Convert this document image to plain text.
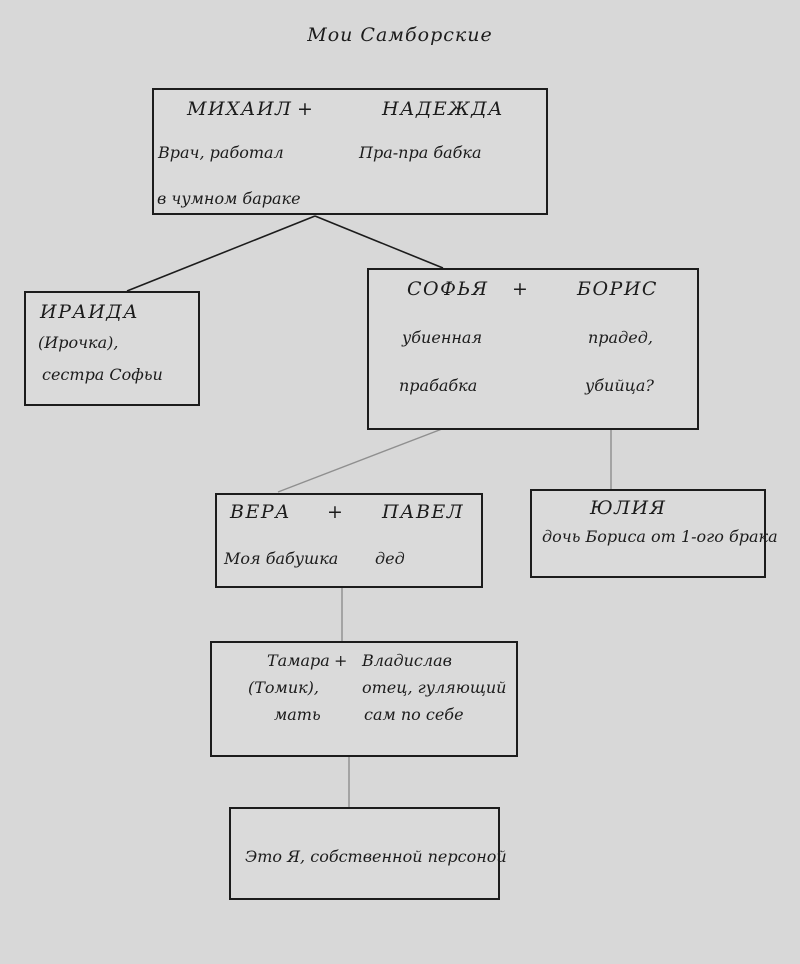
Мои Самборские
МИХАИЛ +	НАДЕЖДА
Врач, работал	Пра-пра бабка
в чумном бараке
ИРАИДА
(Ирочка),
сестра Софьи
СОФЬЯ +	БОРИС
убиенная	прадед,
прабабка	убийца?
ВЕРА + ПАВЕЛ
Моя бабушка дед
ЮЛИЯ
дочь Бориса от 1-ого брака
Тамара + Владислав
(Томик),	отец, гуляющий
мать	сам по себе
Это Я, собственной персоной
